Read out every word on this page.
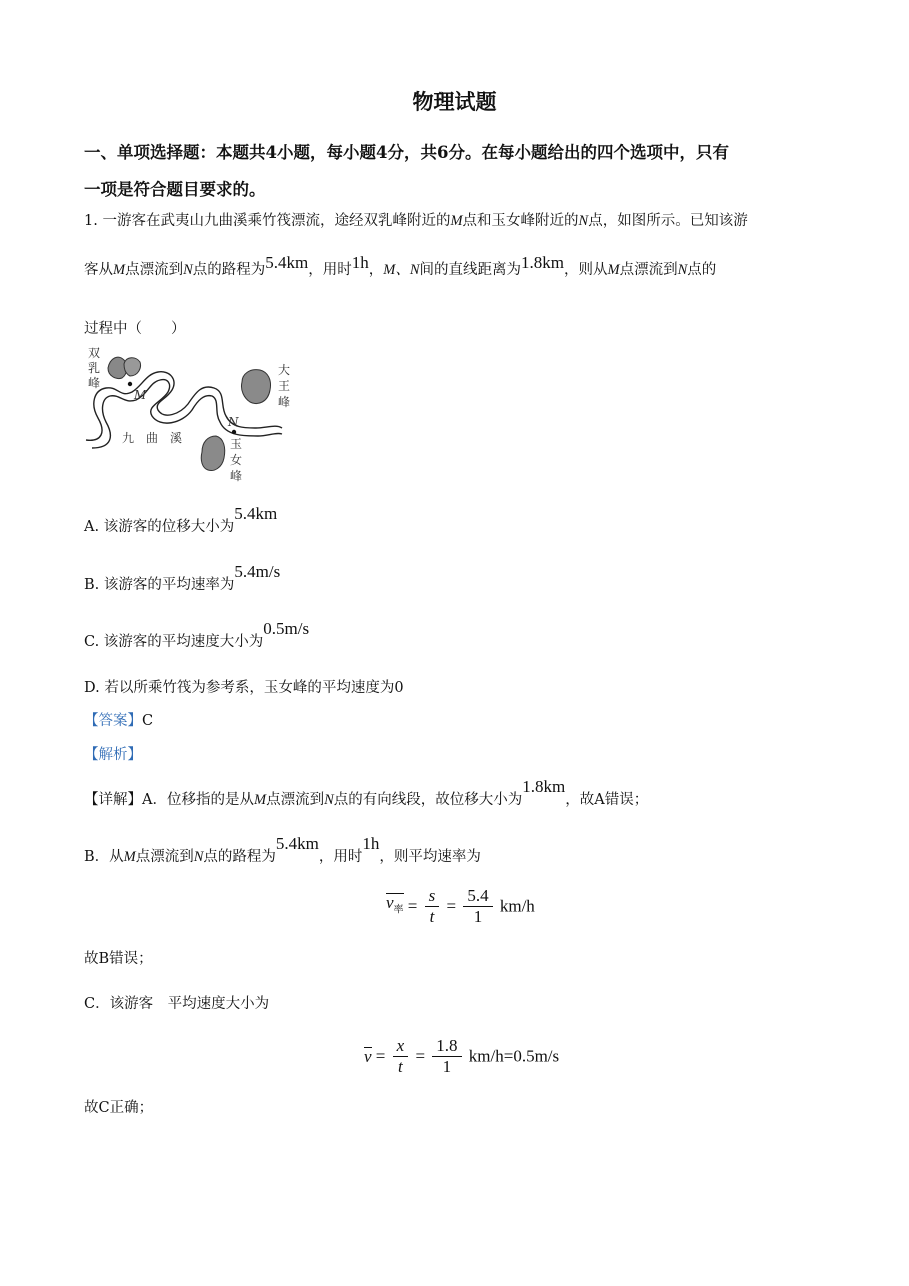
物理试题
一、单项选择题：本题共4小题，每小题4分，共6分。在每小题给出的四个选项中，只有
一项是符合题目要求的。
1. 一游客在武夷山九曲溪乘竹筏漂流，途经双乳峰附近的M点和玉女峰附近的N点，如图所示。已知该游
客从M点漂流到N点的路程为5.4km，用时1h，M、N间的直线距离为1.8km，则从M点漂流到N点的
过程中（　　）
双
乳
峰
M
大
王
峰
N
九　曲　溪	玉
女
峰
A. 该游客的位移大小为5.4km
B. 该游客的平均速率为5.4m/s
C. 该游客的平均速度大小为0.5m/s
D. 若以所乘竹筏为参考系，玉女峰的平均速度为0
【答案】C
【解析】
【详解】A．位移指的是从M点漂流到N点的有向线段，故位移大小为1.8km，故A错误；
B．从M点漂流到N点的路程为5.4km，用时1h，则平均速率为
$v_率 = \frac{s}{t} = \frac{5.4}{1} km/h$
故B错误；
C．该游客　平均速度大小为
$v = \frac{x}{t} = \frac{1.8}{1} km/h=0.5m/s$
故C正确；
